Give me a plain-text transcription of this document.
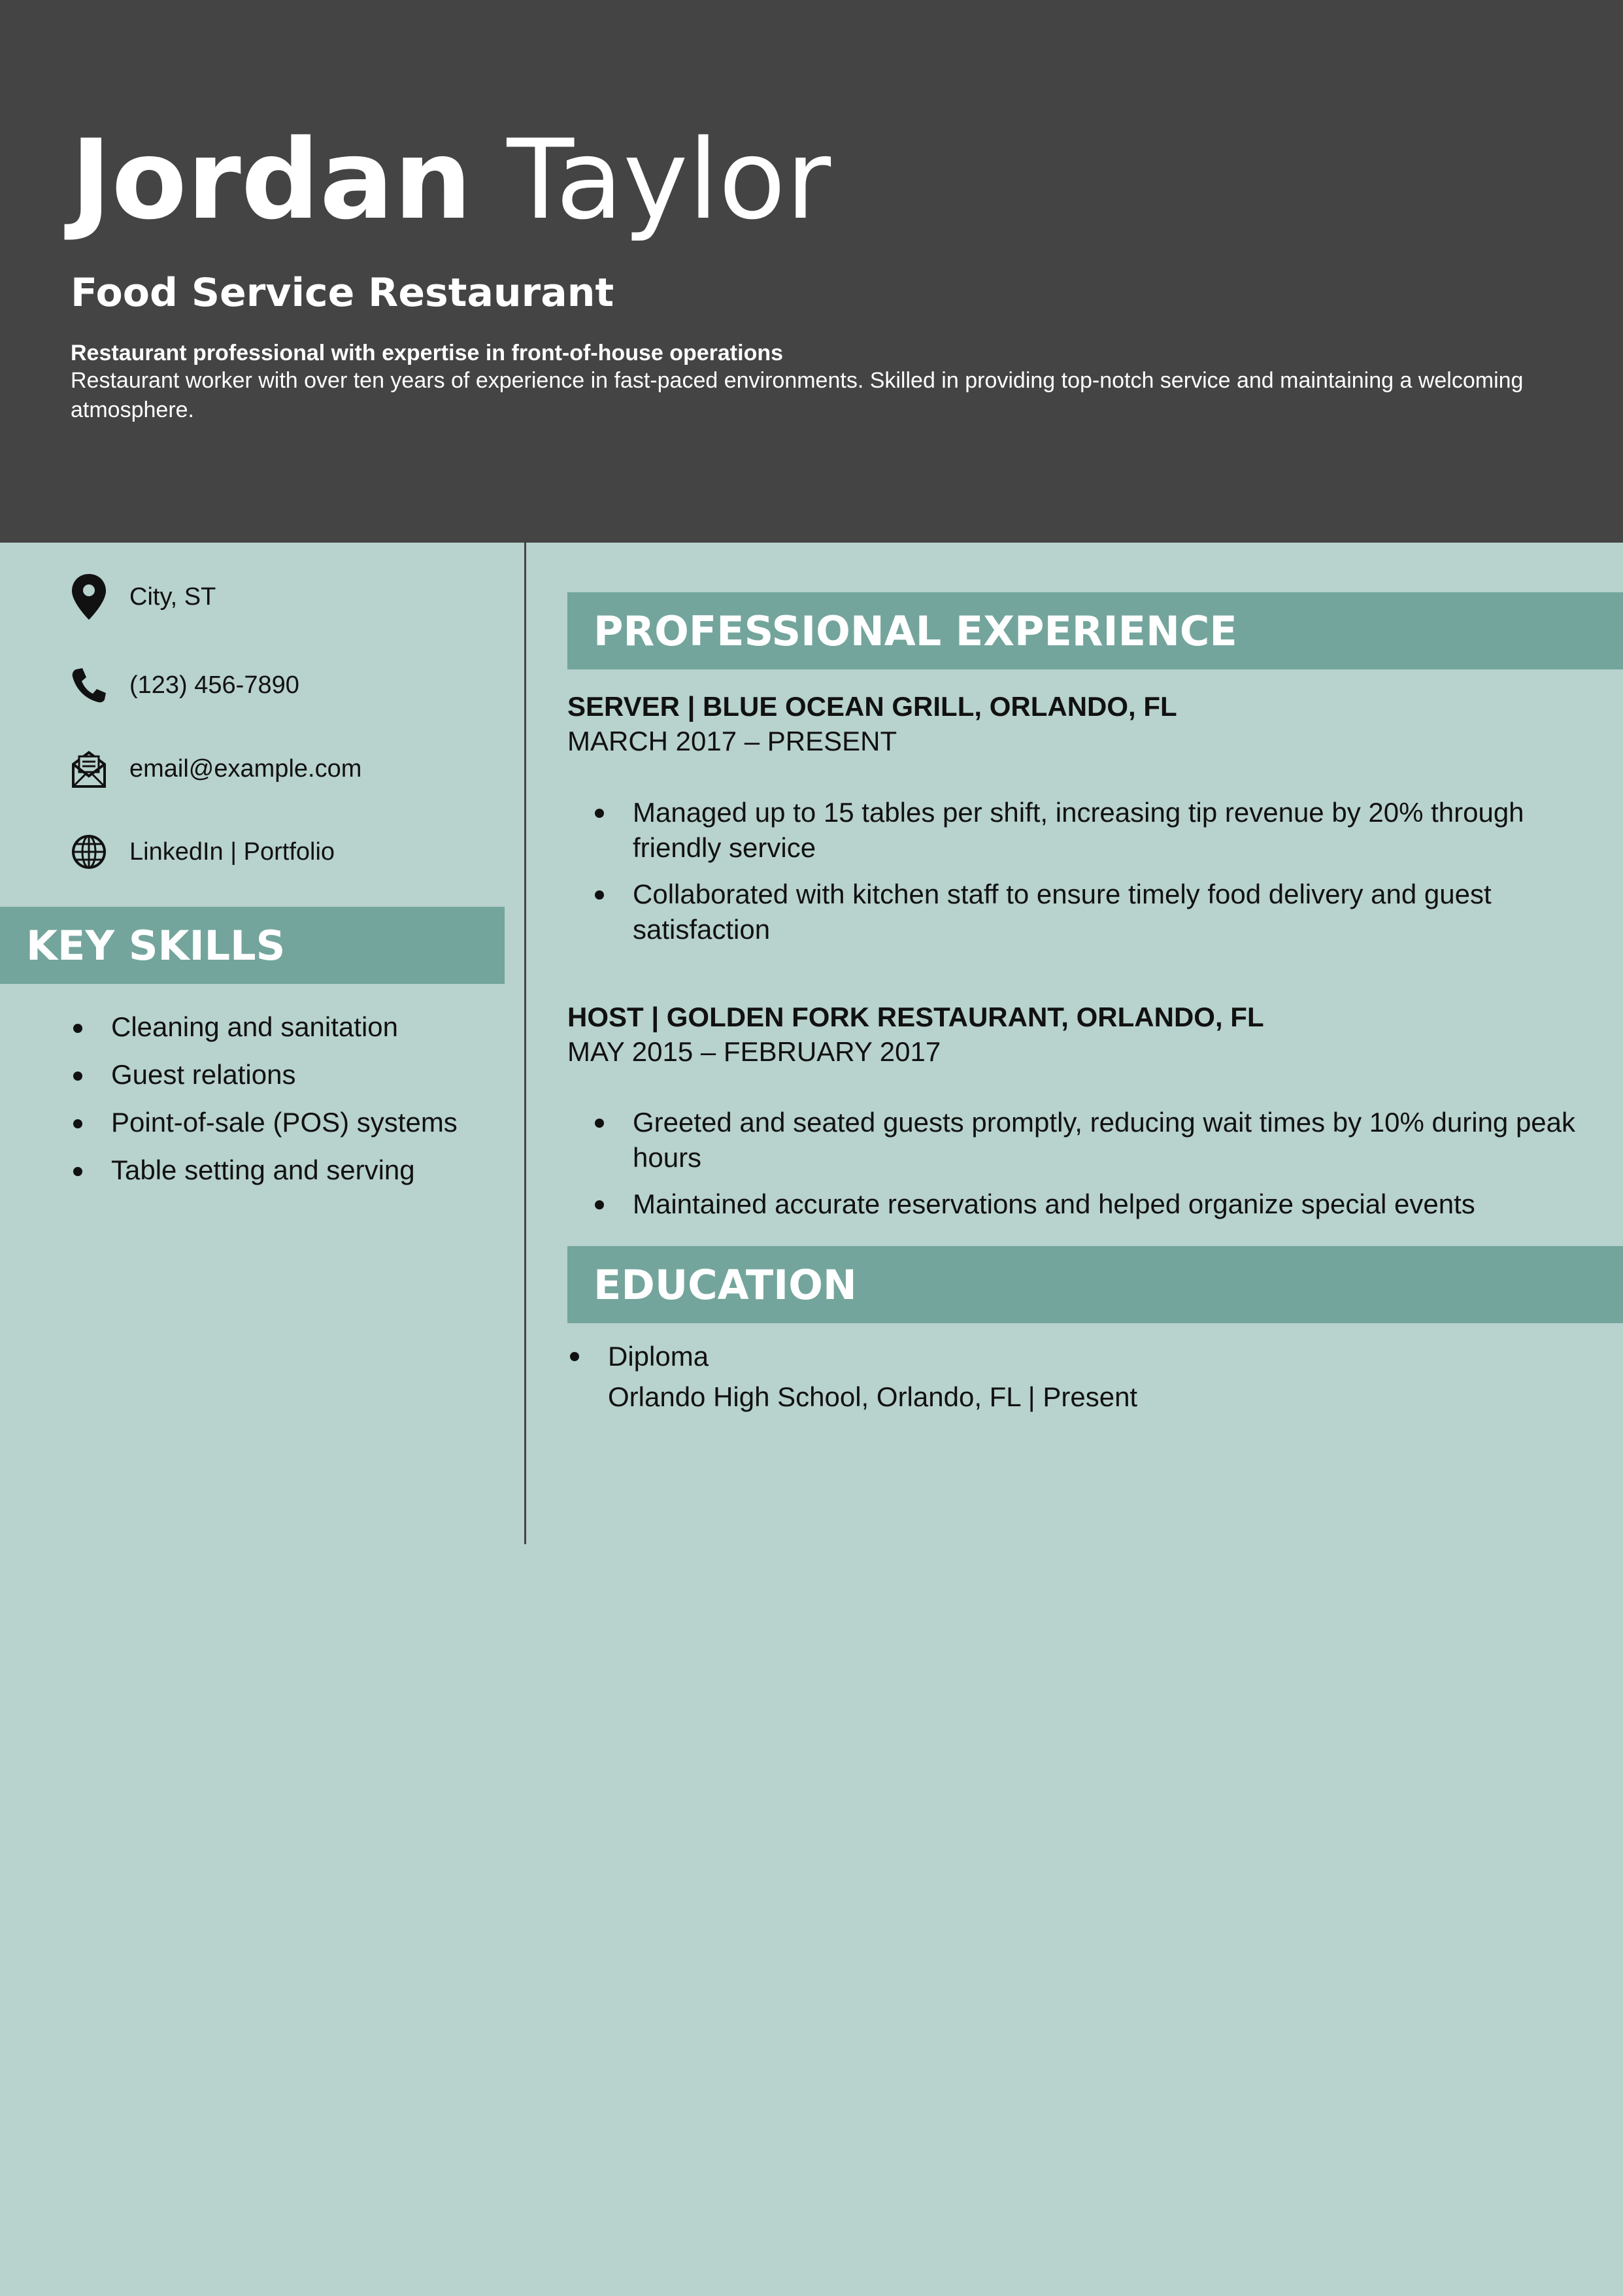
Jordan Taylor
Food Service Restaurant
Restaurant professional with expertise in front-of-house operations
Restaurant worker with over ten years of experience in fast-paced environments. Skilled in providing top-notch service and maintaining a welcoming atmosphere.
City, ST
(123) 456-7890
email@example.com
LinkedIn | Portfolio
KEY SKILLS
Cleaning and sanitation
Guest relations
Point-of-sale (POS) systems
Table setting and serving
PROFESSIONAL EXPERIENCE
SERVER | BLUE OCEAN GRILL, ORLANDO, FL
MARCH 2017 – PRESENT
Managed up to 15 tables per shift, increasing tip revenue by 20% through friendly service
Collaborated with kitchen staff to ensure timely food delivery and guest satisfaction
HOST | GOLDEN FORK RESTAURANT, ORLANDO, FL
MAY 2015 – FEBRUARY 2017
Greeted and seated guests promptly, reducing wait times by 10% during peak hours
Maintained accurate reservations and helped organize special events
EDUCATION
Diploma
Orlando High School, Orlando, FL | Present
